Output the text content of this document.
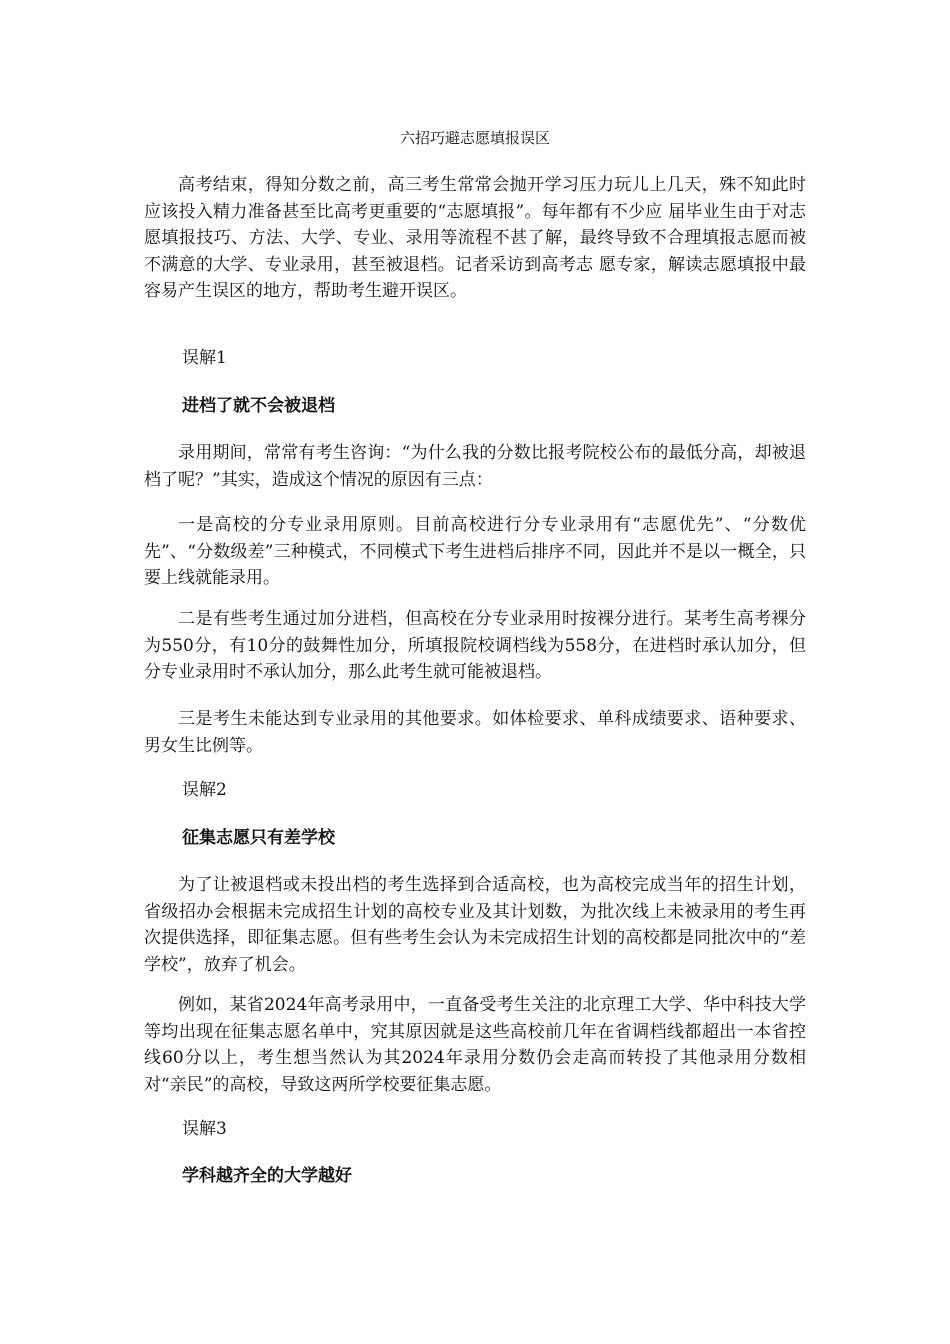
六招巧避志愿填报误区

高考结束，得知分数之前，高三考生常常会抛开学习压力玩儿上几天，殊不知此时应该投入精力准备甚至比高考更重要的“志愿填报”。每年都有不少应 届毕业生由于对志愿填报技巧、方法、大学、专业、录用等流程不甚了解，最终导致不合理填报志愿而被不满意的大学、专业录用，甚至被退档。记者采访到高考志 愿专家，解读志愿填报中最容易产生误区的地方，帮助考生避开误区。

误解1

进档了就不会被退档

录用期间，常常有考生咨询：“为什么我的分数比报考院校公布的最低分高，却被退档了呢？”其实，造成这个情况的原因有三点：

一是高校的分专业录用原则。目前高校进行分专业录用有“志愿优先”、“分数优先”、“分数级差”三种模式，不同模式下考生进档后排序不同，因此并不是以一概全，只要上线就能录用。

二是有些考生通过加分进档，但高校在分专业录用时按裸分进行。某考生高考裸分为550分，有10分的鼓舞性加分，所填报院校调档线为558分，在进档时承认加分，但分专业录用时不承认加分，那么此考生就可能被退档。

三是考生未能达到专业录用的其他要求。如体检要求、单科成绩要求、语种要求、男女生比例等。

误解2

征集志愿只有差学校

为了让被退档或未投出档的考生选择到合适高校，也为高校完成当年的招生计划，省级招办会根据未完成招生计划的高校专业及其计划数，为批次线上未被录用的考生再次提供选择，即征集志愿。但有些考生会认为未完成招生计划的高校都是同批次中的“差学校”，放弃了机会。

例如，某省2024年高考录用中，一直备受考生关注的北京理工大学、华中科技大学等均出现在征集志愿名单中，究其原因就是这些高校前几年在省调档线都超出一本省控线60分以上，考生想当然认为其2024年录用分数仍会走高而转投了其他录用分数相对“亲民”的高校，导致这两所学校要征集志愿。

误解3

学科越齐全的大学越好
